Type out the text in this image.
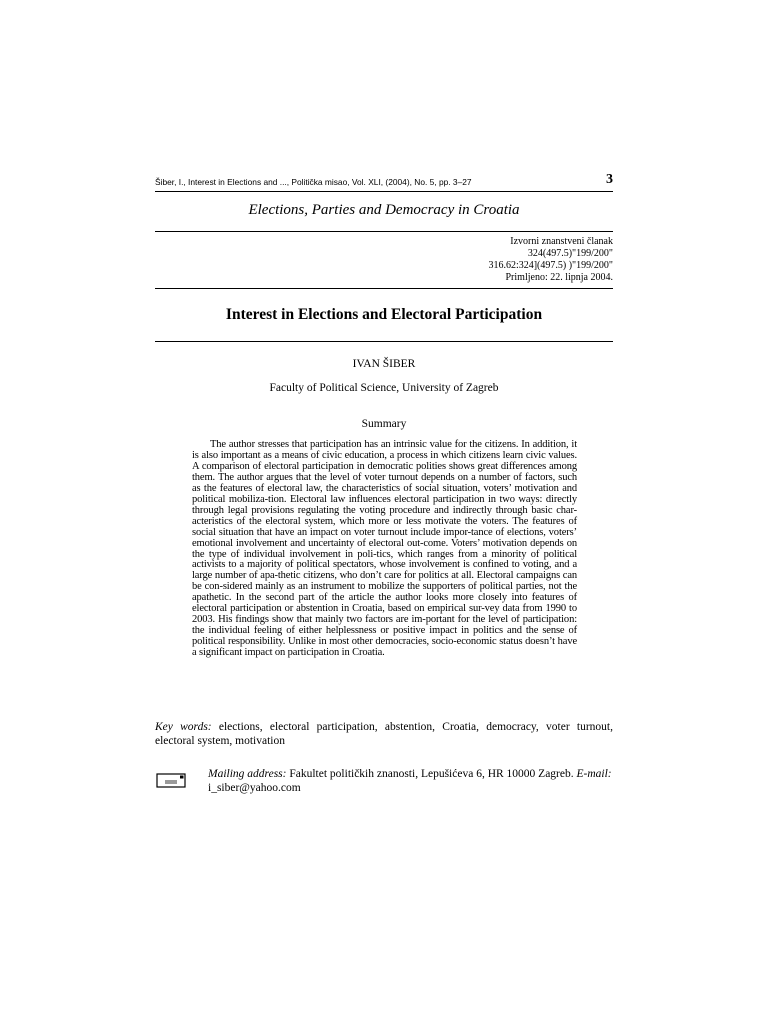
Šiber, I., Interest in Elections and ..., Politička misao, Vol. XLI, (2004), No. 5, pp. 3–27	3
Elections, Parties and Democracy in Croatia
Izvorni znanstveni članak
324(497.5)"199/200"
316.62:324](497.5) )"199/200"
Primljeno: 22. lipnja 2004.
Interest in Elections and Electoral Participation
IVAN ŠIBER
Faculty of Political Science, University of Zagreb
Summary

The author stresses that participation has an intrinsic value for the citizens. In addition, it is also important as a means of civic education, a process in which citizens learn civic values. A comparison of electoral participation in democratic polities shows great differences among them. The author argues that the level of voter turnout depends on a number of factors, such as the features of electoral law, the characteristics of social situation, voters’ motivation and political mobiliza-tion. Electoral law influences electoral participation in two ways: directly through legal provisions regulating the voting procedure and indirectly through basic char-acteristics of the electoral system, which more or less motivate the voters. The features of social situation that have an impact on voter turnout include impor-tance of elections, voters’ emotional involvement and uncertainty of electoral out-come. Voters’ motivation depends on the type of individual involvement in poli-tics, which ranges from a minority of political activists to a majority of political spectators, whose involvement is confined to voting, and a large number of apa-thetic citizens, who don’t care for politics at all. Electoral campaigns can be con-sidered mainly as an instrument to mobilize the supporters of political parties, not the apathetic. In the second part of the article the author looks more closely into features of electoral participation or abstention in Croatia, based on empirical sur-vey data from 1990 to 2003. His findings show that mainly two factors are im-portant for the level of participation: the individual feeling of either helplessness or positive impact in politics and the sense of political responsibility. Unlike in most other democracies, socio-economic status doesn’t have a significant impact on participation in Croatia.

Key words: elections, electoral participation, abstention, Croatia, democracy, voter turnout, electoral system, motivation

Mailing address: Fakultet političkih znanosti, Lepušićeva 6, HR 10000 Zagreb. E-mail: i_siber@yahoo.com
